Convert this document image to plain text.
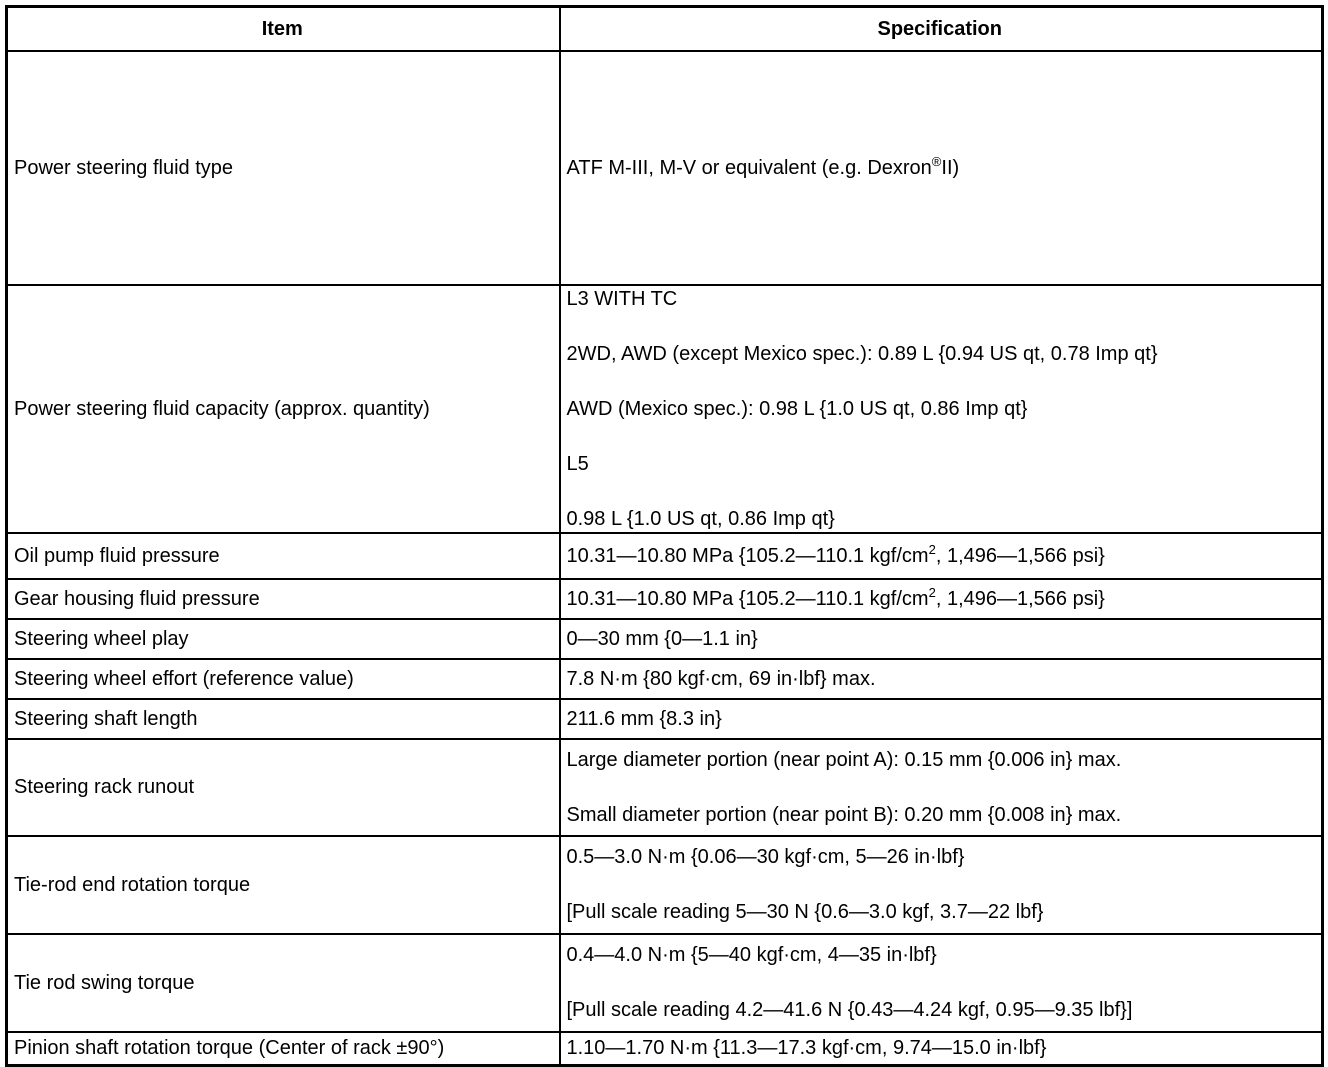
Item	Specification
Power steering fluid type	ATF M-III, M-V or equivalent (e.g. Dexron®II)

Power steering fluid capacity (approx. quantity)	L3 WITH TC
2WD, AWD (except Mexico spec.): 0.89 L {0.94 US qt, 0.78 Imp qt}
AWD (Mexico spec.): 0.98 L {1.0 US qt, 0.86 Imp qt}
L5
0.98 L {1.0 US qt, 0.86 Imp qt}

Oil pump fluid pressure	10.31—10.80 MPa {105.2—110.1 kgf/$cm^2$, 1,496—1,566 psi}

Gear housing fluid pressure	10.31—10.80 MPa {105.2—110.1 kgf/$cm^2$, 1,496—1,566 psi}

Steering wheel play	0—30 mm {0—1.1 in}

Steering wheel effort (reference value)	7.8 N·m {80 kgf·cm, 69 in·lbf} max.

Steering shaft length	211.6 mm {8.3 in}

Steering rack runout	Large diameter portion (near point A): 0.15 mm {0.006 in} max.
Small diameter portion (near point B): 0.20 mm {0.008 in} max.

Tie-rod end rotation torque	0.5—3.0 N·m {0.06—30 kgf·cm, 5—26 in·lbf}
[Pull scale reading 5—30 N {0.6—3.0 kgf, 3.7—22 lbf}

Tie rod swing torque	0.4—4.0 N·m {5—40 kgf·cm, 4—35 in·lbf}
[Pull scale reading 4.2—41.6 N {0.43—4.24 kgf, 0.95—9.35 lbf}]

Pinion shaft rotation torque (Center of rack ±90°)	1.10—1.70 N·m {11.3—17.3 kgf·cm, 9.74—15.0 in·lbf}
